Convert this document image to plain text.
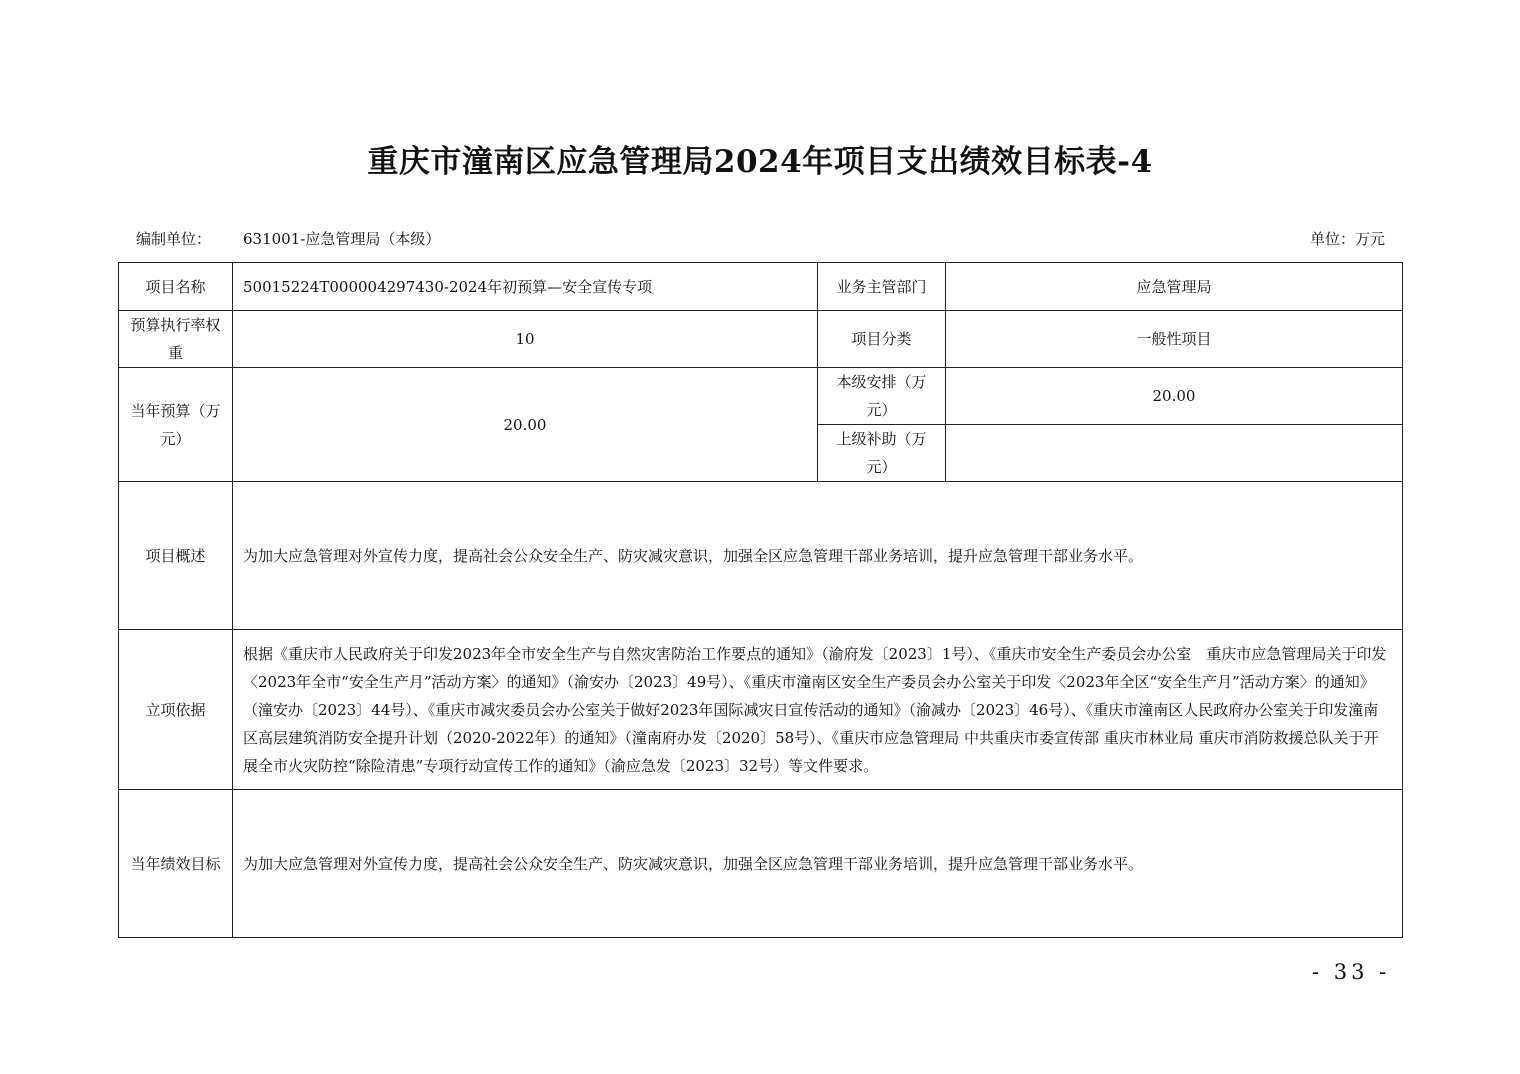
重庆市潼南区应急管理局2024年项目支出绩效目标表-4
编制单位： 631001-应急管理局（本级）	单位：万元
项目名称	50015224T000004297430-2024年初预算—安全宣传专项	业务主管部门	应急管理局
预算执行率权重	10	项目分类	一般性项目
当年预算（万元）	20.00	本级安排（万元）	20.00
		上级补助（万元）	
项目概述	为加大应急管理对外宣传力度，提高社会公众安全生产、防灾减灾意识，加强全区应急管理干部业务培训，提升应急管理干部业务水平。		
立项依据	根据《重庆市人民政府关于印发2023年全市安全生产与自然灾害防治工作要点的通知》（渝府发〔2023〕1号）、《重庆市安全生产委员会办公室　重庆市应急管理局关于印发〈2023年全市“安全生产月”活动方案〉的通知》（渝安办〔2023〕49号）、《重庆市潼南区安全生产委员会办公室关于印发〈2023年全区“安全生产月”活动方案〉的通知》（潼安办〔2023〕44号）、《重庆市减灾委员会办公室关于做好2023年国际减灾日宣传活动的通知》（渝减办〔2023〕46号）、《重庆市潼南区人民政府办公室关于印发潼南区高层建筑消防安全提升计划（2020-2022年）的通知》（潼南府办发〔2020〕58号）、《重庆市应急管理局 中共重庆市委宣传部 重庆市林业局 重庆市消防救援总队关于开展全市火灾防控“除险清患”专项行动宣传工作的通知》（渝应急发〔2023〕32号）等文件要求。		
当年绩效目标	为加大应急管理对外宣传力度，提高社会公众安全生产、防灾减灾意识，加强全区应急管理干部业务培训，提升应急管理干部业务水平。		
- 33 -
